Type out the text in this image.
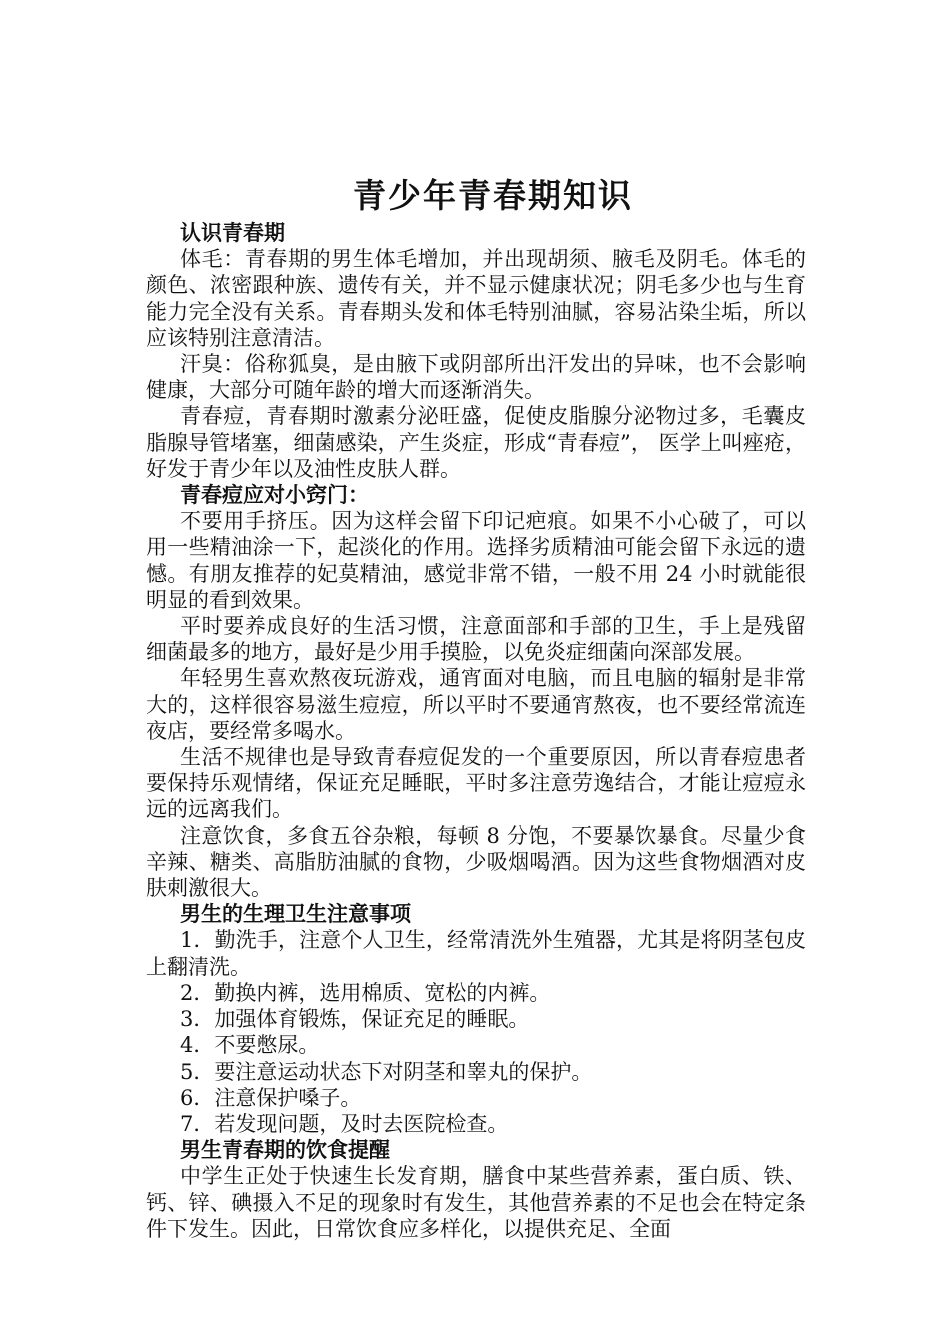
青少年青春期知识

认识青春期

体毛：青春期的男生体毛增加，并出现胡须、腋毛及阴毛。体毛的颜色、浓密跟种族、遗传有关，并不显示健康状况；阴毛多少也与生育能力完全没有关系。青春期头发和体毛特别油腻，容易沾染尘垢，所以应该特别注意清洁。

汗臭：俗称狐臭，是由腋下或阴部所出汗发出的异味，也不会影响健康，大部分可随年龄的增大而逐渐消失。

青春痘，青春期时激素分泌旺盛，促使皮脂腺分泌物过多，毛囊皮脂腺导管堵塞，细菌感染，产生炎症，形成“青春痘”， 医学上叫痤疮，好发于青少年以及油性皮肤人群。

青春痘应对小窍门：

不要用手挤压。因为这样会留下印记疤痕。如果不小心破了，可以用一些精油涂一下，起淡化的作用。选择劣质精油可能会留下永远的遗憾。有朋友推荐的妃莫精油，感觉非常不错，一般不用 24 小时就能很明显的看到效果。

平时要养成良好的生活习惯，注意面部和手部的卫生，手上是残留细菌最多的地方，最好是少用手摸脸，以免炎症细菌向深部发展。

年轻男生喜欢熬夜玩游戏，通宵面对电脑，而且电脑的辐射是非常大的，这样很容易滋生痘痘，所以平时不要通宵熬夜，也不要经常流连夜店，要经常多喝水。

生活不规律也是导致青春痘促发的一个重要原因，所以青春痘患者要保持乐观情绪，保证充足睡眠，平时多注意劳逸结合，才能让痘痘永远的远离我们。

注意饮食，多食五谷杂粮，每顿 8 分饱，不要暴饮暴食。尽量少食辛辣、糖类、高脂肪油腻的食物，少吸烟喝酒。因为这些食物烟酒对皮肤刺激很大。

男生的生理卫生注意事项

1．勤洗手，注意个人卫生，经常清洗外生殖器，尤其是将阴茎包皮上翻清洗。
2．勤换内裤，选用棉质、宽松的内裤。
3．加强体育锻炼，保证充足的睡眠。
4．不要憋尿。
5．要注意运动状态下对阴茎和睾丸的保护。
6．注意保护嗓子。
7．若发现问题，及时去医院检查。

男生青春期的饮食提醒

中学生正处于快速生长发育期，膳食中某些营养素，蛋白质、铁、钙、锌、碘摄入不足的现象时有发生，其他营养素的不足也会在特定条件下发生。因此，日常饮食应多样化，以提供充足、全面
